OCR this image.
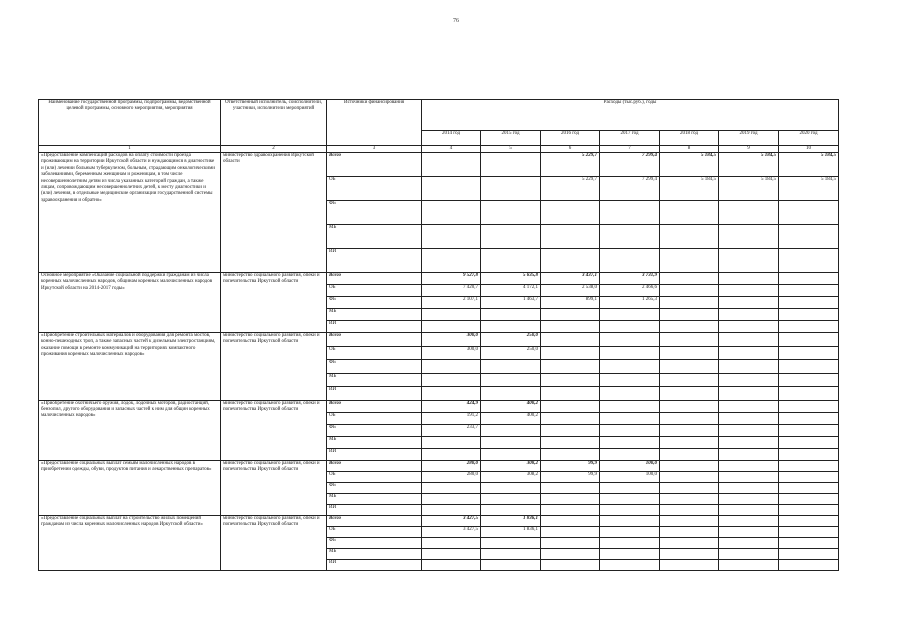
76
Наименование государственной программы, подпрограммы, ведомственной целевой программы, основного мероприятия, мероприятия	Ответственный исполнитель, соисполнители, участники, исполнители мероприятий	Источники финансирования	Расходы (тыс.руб.), годы						
			2014 год	2015 год	2016 год	2017 год	2018 год	2019 год	2020 год
1	2	3	4	5	6	7	8	9	10
«Предоставление компенсаций расходов на оплату стоимости проезда проживающим на территории Иркутской области и нуждающимся в диагностике и (или) лечении больным туберкулезом, больным, страдающим онкологическими заболеваниями, беременным женщинам и роженицам, в том числе несовершеннолетним детям из числа указанных категорий граждан, а также лицам, сопровождающим несовершеннолетних детей, к месту диагностики и (или) лечения, в отдельные медицинские организации государственной системы здравоохранения и обратно»	министерство здравоохранения Иркутской области	Всего			5 229,7	7 299,4	5 184,5	5 184,5	5 184,5
		ОБ			5 229,7	7 299,4	5 184,5	5 184,5	5 184,5
		ФБ							
		МБ							
		ИИ							
Основное мероприятие «Оказание социальной поддержки гражданам из числа коренных малочисленных народов, общинам коренных малочисленных народов Иркутской области на 2014-2017 годы»	министерство социального развития, опеки и попечительства Иркутской области	Всего	9 527,8	5 635,8	3 437,1	3 731,9			
		ОБ	7 420,7	4 172,1	2 538,0	2 466,6			
		ФБ	2 107,1	1 463,7	899,1	1 265,3			
		МБ							
		ИИ							
«Приобретение строительных материалов и оборудования для ремонта мостов, конно-пешеходных троп, а также запасных частей к дизельным электростанциям, оказание помощи в ремонте коммуникаций на территориях компактного проживания коренных малочисленных народов»	министерство социального развития, опеки и попечительства Иркутской области	Всего	300,0	250,0					
		ОБ	300,0	250,0					
		ФБ							
		МБ							
		ИИ							
«Приобретение охотничьего оружия, лодок, лодочных моторов, радиостанций, бензопил, другого оборудования и запасных частей к ним для общин коренных малочисленных народов»	министерство социального развития, опеки и попечительства Иркутской области	Всего	424,9	400,2					
		ОБ	191,2	400,2					
		ФБ	233,7						
		МБ							
		ИИ							
«Предоставление социальных выплат семьям малочисленных народов в приобретении одежды, обуви, продуктов питания и лекарственных препаратов»	министерство социального развития, опеки и попечительства Иркутской области	Всего	280,0	308,2	99,9	100,0			
		ОБ	280,0	308,2	99,9	100,0			
		ФБ							
		МБ							
		ИИ							
«Предоставление социальных выплат на строительство жилых помещений гражданам из числа коренных малочисленных народов Иркутской области»	министерство социального развития, опеки и попечительства Иркутской области	Всего	3 427,5	1 836,1					
		ОБ	3 427,5	1 836,1					
		ФБ							
		МБ							
		ИИ							
